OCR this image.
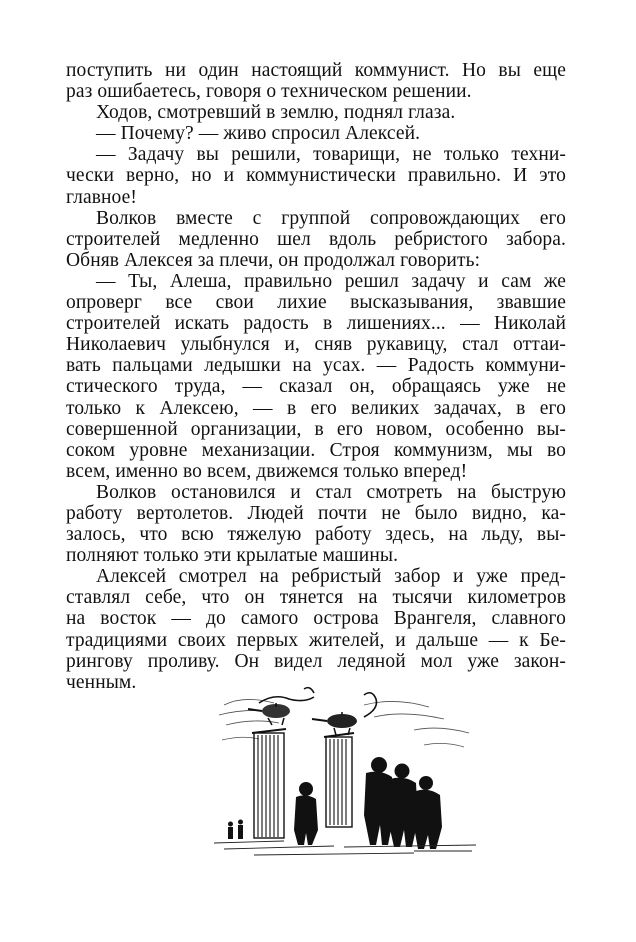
поступить ни один настоящий коммунист. Но вы еще
раз ошибаетесь, говоря о техническом решении.
Ходов, смотревший в землю, поднял глаза.
— Почему? — живо спросил Алексей.
— Задачу вы решили, товарищи, не только техни-
чески верно, но и коммунистически правильно. И это
главное!
Волков вместе с группой сопровождающих его
строителей медленно шел вдоль ребристого забора.
Обняв Алексея за плечи, он продолжал говорить:
— Ты, Алеша, правильно решил задачу и сам же
опроверг все свои лихие высказывания, звавшие
строителей искать радость в лишениях... — Николай
Николаевич улыбнулся и, сняв рукавицу, стал оттаи-
вать пальцами ледышки на усах. — Радость коммуни-
стического труда, — сказал он, обращаясь уже не
только к Алексею, — в его великих задачах, в его
совершенной организации, в его новом, особенно вы-
соком уровне механизации. Строя коммунизм, мы во
всем, именно во всем, движемся только вперед!
Волков остановился и стал смотреть на быструю
работу вертолетов. Людей почти не было видно, ка-
залось, что всю тяжелую работу здесь, на льду, вы-
полняют только эти крылатые машины.
Алексей смотрел на ребристый забор и уже пред-
ставлял себе, что он тянется на тысячи километров
на восток — до самого острова Врангеля, славного
традициями своих первых жителей, и дальше — к Бе-
рингову проливу. Он видел ледяной мол уже закон-
ченным.
